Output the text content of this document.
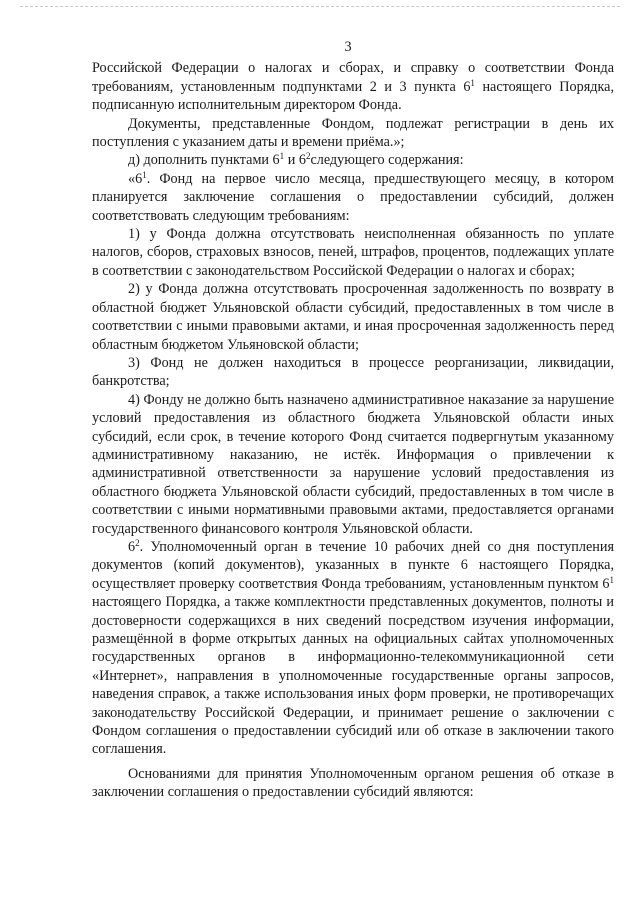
3

Российской Федерации о налогах и сборах, и справку о соответствии Фонда требованиям, установленным подпунктами 2 и 3 пункта $6^1$ настоящего Порядка, подписанную исполнительным директором Фонда.

Документы, представленные Фондом, подлежат регистрации в день их поступления с указанием даты и времени приёма.»;

д) дополнить пунктами $6^1$ и $6^2следующего$ содержания:

«$6^1$. Фонд на первое число месяца, предшествующего месяцу, в котором планируется заключение соглашения о предоставлении субсидий, должен соответствовать следующим требованиям:

1) у Фонда должна отсутствовать неисполненная обязанность по уплате налогов, сборов, страховых взносов, пеней, штрафов, процентов, подлежащих уплате в соответствии с законодательством Российской Федерации о налогах и сборах;

2) у Фонда должна отсутствовать просроченная задолженность по возврату в областной бюджет Ульяновской области субсидий, предоставленных в том числе в соответствии с иными правовыми актами, и иная просроченная задолженность перед областным бюджетом Ульяновской области;

3) Фонд не должен находиться в процессе реорганизации, ликвидации, банкротства;

4) Фонду не должно быть назначено административное наказание за нарушение условий предоставления из областного бюджета Ульяновской области иных субсидий, если срок, в течение которого Фонд считается подвергнутым указанному административному наказанию, не истёк. Информация о привлечении к административной ответственности за нарушение условий предоставления из областного бюджета Ульяновской области субсидий, предоставленных в том числе в соответствии с иными нормативными правовыми актами, предоставляется органами государственного финансового контроля Ульяновской области.

$6^2$. Уполномоченный орган в течение 10 рабочих дней со дня поступления документов (копий документов), указанных в пункте 6 настоящего Порядка, осуществляет проверку соответствия Фонда требованиям, установленным пунктом $6^1$ настоящего Порядка, а также комплектности представленных документов, полноты и достоверности содержащихся в них сведений посредством изучения информации, размещённой в форме открытых данных на официальных сайтах уполномоченных государственных органов в информационно-телекоммуникационной сети «Интернет», направления в уполномоченные государственные органы запросов, наведения справок, а также использования иных форм проверки, не противоречащих законодательству Российской Федерации, и принимает решение о заключении с Фондом соглашения о предоставлении субсидий или об отказе в заключении такого соглашения.

Основаниями для принятия Уполномоченным органом решения об отказе в заключении соглашения о предоставлении субсидий являются:
